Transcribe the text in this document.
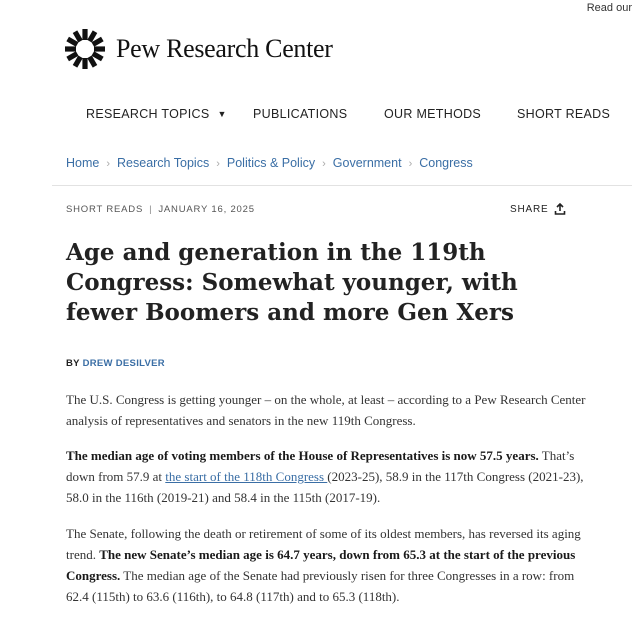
Read our
Pew Research Center
RESEARCH TOPICS ▼ PUBLICATIONS	OUR METHODS	SHORT READS
Home › Research Topics › Politics & Policy › Government › Congress
SHORT READS | JANUARY 16, 2025	SHARE
Age and generation in the 119th Congress: Somewhat younger, with fewer Boomers and more Gen Xers
BY DREW DESILVER

The U.S. Congress is getting younger – on the whole, at least – according to a Pew Research Center analysis of representatives and senators in the new 119th Congress.

The median age of voting members of the House of Representatives is now 57.5 years. That’s down from 57.9 at the start of the 118th Congress (2023-25), 58.9 in the 117th Congress (2021-23), 58.0 in the 116th (2019-21) and 58.4 in the 115th (2017-19).

The Senate, following the death or retirement of some of its oldest members, has reversed its aging trend. The new Senate’s median age is 64.7 years, down from 65.3 at the start of the previous Congress. The median age of the Senate had previously risen for three Congresses in a row: from 62.4 (115th) to 63.6 (116th), to 64.8 (117th) and to 65.3 (118th).
